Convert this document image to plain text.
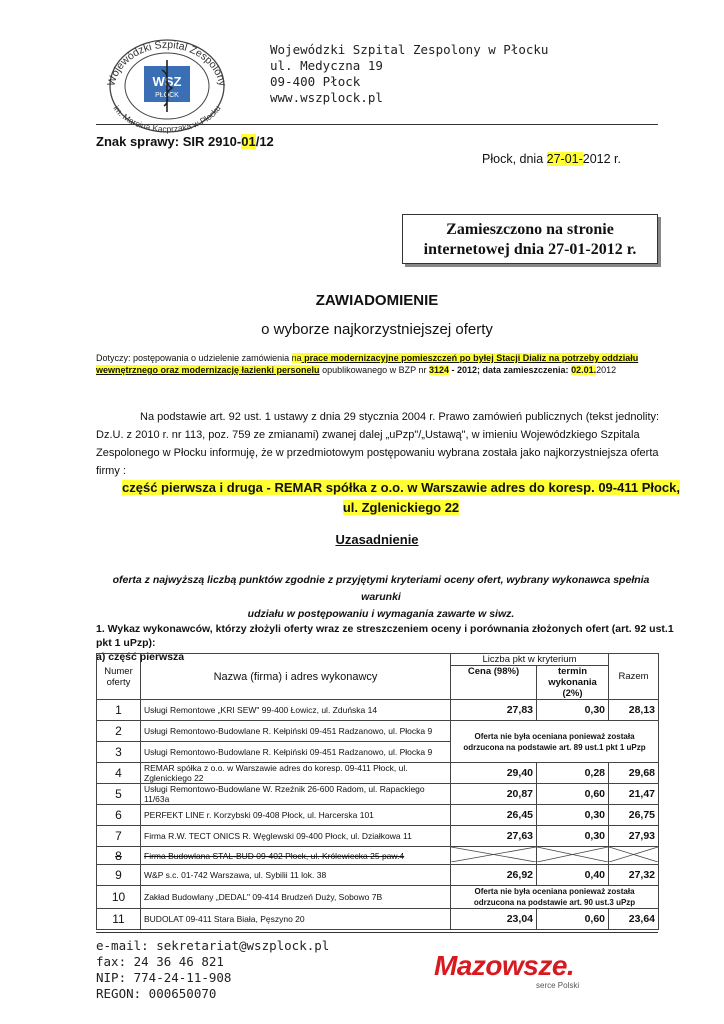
Wojewódzki Szpital Zespolony
im. Marcina Kacprzaka w Płocku
WSZ
PŁOCK
Wojewódzki Szpital Zespolony w Płocku
ul. Medyczna 19
09-400 Płock
www.wszplock.pl
Znak sprawy: SIR 2910-01/12
Płock, dnia 27-01-2012 r.
Zamieszczono na stronie
internetowej dnia 27-01-2012 r.
ZAWIADOMIENIE
o wyborze najkorzystniejszej oferty
Dotyczy: postępowania o udzielenie zamówienia na prace modernizacyjne pomieszczeń po byłej Stacji Dializ na potrzeby oddziału
wewnętrznego oraz modernizację łazienki personelu opublikowanego w BZP nr 3124 - 2012; data zamieszczenia: 02.01.2012
Na podstawie art. 92 ust. 1 ustawy z dnia 29 stycznia 2004 r. Prawo zamówień publicznych (tekst jednolity: Dz.U. z 2010 r. nr 113, poz. 759 ze zmianami) zwanej dalej „uPzp"/„Ustawą", w imieniu Wojewódzkiego Szpitala Zespolonego w Płocku informuję, że w przedmiotowym postępowaniu wybrana została jako najkorzystniejsza oferta firmy :
część pierwsza i druga - REMAR spółka z o.o. w Warszawie adres do koresp. 09-411 Płock,
ul. Zglenickiego 22
Uzasadnienie
oferta z najwyższą liczbą punktów zgodnie z przyjętymi kryteriami oceny ofert, wybrany wykonawca spełnia warunki
udziału w postępowaniu i wymagania zawarte w siwz.
1. Wykaz wykonawców, którzy złożyli oferty wraz ze streszczeniem oceny i porównania złożonych ofert (art. 92 ust.1 pkt 1 uPzp):
a) część pierwsza
Numer oferty	Nazwa (firma) i adres wykonawcy	Liczba pkt w kryterium		Razem
		Cena (98%)	termin wykonania (2%)	
1	Usługi Remontowe „KRI SEW" 99-400 Łowicz, ul. Zduńska 14	27,83	0,30	28,13
2	Usługi Remontowo-Budowlane R. Kełpiński 09-451 Radzanowo, ul. Płocka 9	Oferta nie była oceniana ponieważ została odrzucona na podstawie art. 89 ust.1 pkt 1 uPzp		
3	Usługi Remontowo-Budowlane R. Kełpiński 09-451 Radzanowo, ul. Płocka 9			
4	REMAR spółka z o.o. w Warszawie adres do koresp. 09-411 Płock, ul. Zglenickiego 22	29,40	0,28	29,68
5	Usługi Remontowo-Budowlane W. Rzeźnik 26-600 Radom, ul. Rapackiego 11/63a	20,87	0,60	21,47
6	PERFEKT LINE r. Korzybski 09-408 Płock, ul. Harcerska 101	26,45	0,30	26,75
7	Firma R.W. TECT ONICS R. Węglewski 09-400 Płock, ul. Działkowa 11	27,63	0,30	27,93
8	Firma Budowlana STAL-BUD 09-402 Płock, ul. Królewiecka 25 paw.4			
9	W&P s.c. 01-742 Warszawa, ul. Sybilii 11 lok. 38	26,92	0,40	27,32
10	Zakład Budowlany „DEDAL" 09-414 Brudzeń Duży, Sobowo 7B	Oferta nie była oceniana ponieważ została odrzucona na podstawie art. 90 ust.3 uPzp		
11	BUDOLAT 09-411 Stara Biała, Pęszyno 20	23,04	0,60	23,64
e-mail: sekretariat@wszplock.pl
fax: 24 36 46 821
NIP: 774-24-11-908
REGON: 000650070
Mazowsze.
serce Polski
